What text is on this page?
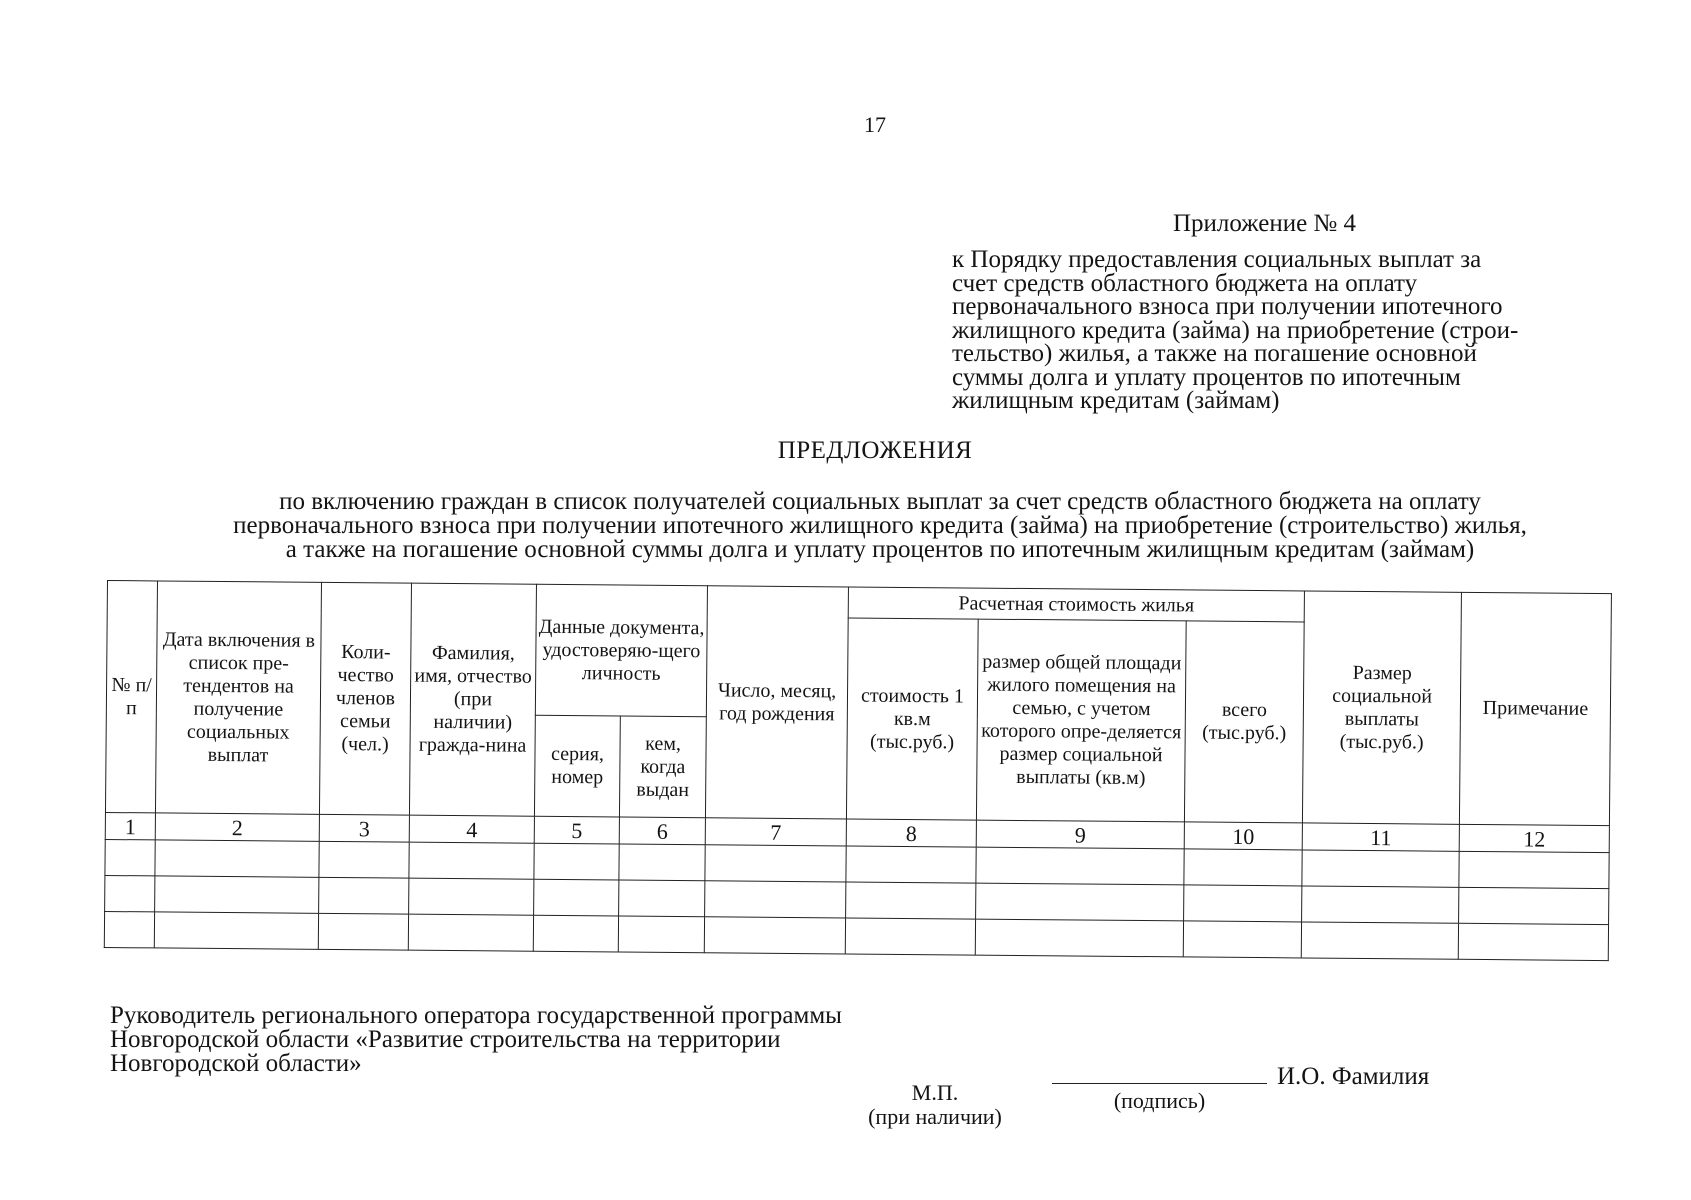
17
Приложение № 4
к Порядку предоставления социальных выплат за
счет средств областного бюджета на оплату
первоначального взноса при получении ипотечного
жилищного кредита (займа) на приобретение (строи-
тельство) жилья, а также на погашение основной
суммы долга и уплату процентов по ипотечным
жилищным кредитам (займам)
ПРЕДЛОЖЕНИЯ
по включению граждан в список получателей социальных выплат за счет средств областного бюджета на оплату
первоначального взноса при получении ипотечного жилищного кредита (займа) на приобретение (строительство) жилья,
а также на погашение основной суммы долга и уплату процентов по ипотечным жилищным кредитам (займам)
№ п/п	Дата включения в список пре-тендентов на получение социальных выплат	Коли-чество членов семьи (чел.)	Фамилия, имя, отчество (при наличии) гражда-нина	Данные документа, удостоверяю-щего личность		Число, месяц, год рождения	Расчетная стоимость жилья			Размер социальной выплаты (тыс.руб.)	Примечание
							стоимость 1 кв.м (тыс.руб.)	размер общей площади жилого помещения на семью, с учетом которого опре-деляется размер социальной выплаты (кв.м)	всего (тыс.руб.)		
				серия, номер	кем, когда выдан						
1	2	3	4	5	6	7	8	9	10	11	12

Руководитель регионального оператора государственной программы
Новгородской области «Развитие строительства на территории
Новгородской области»
М.П.
(при наличии)
(подпись)
И.О. Фамилия
